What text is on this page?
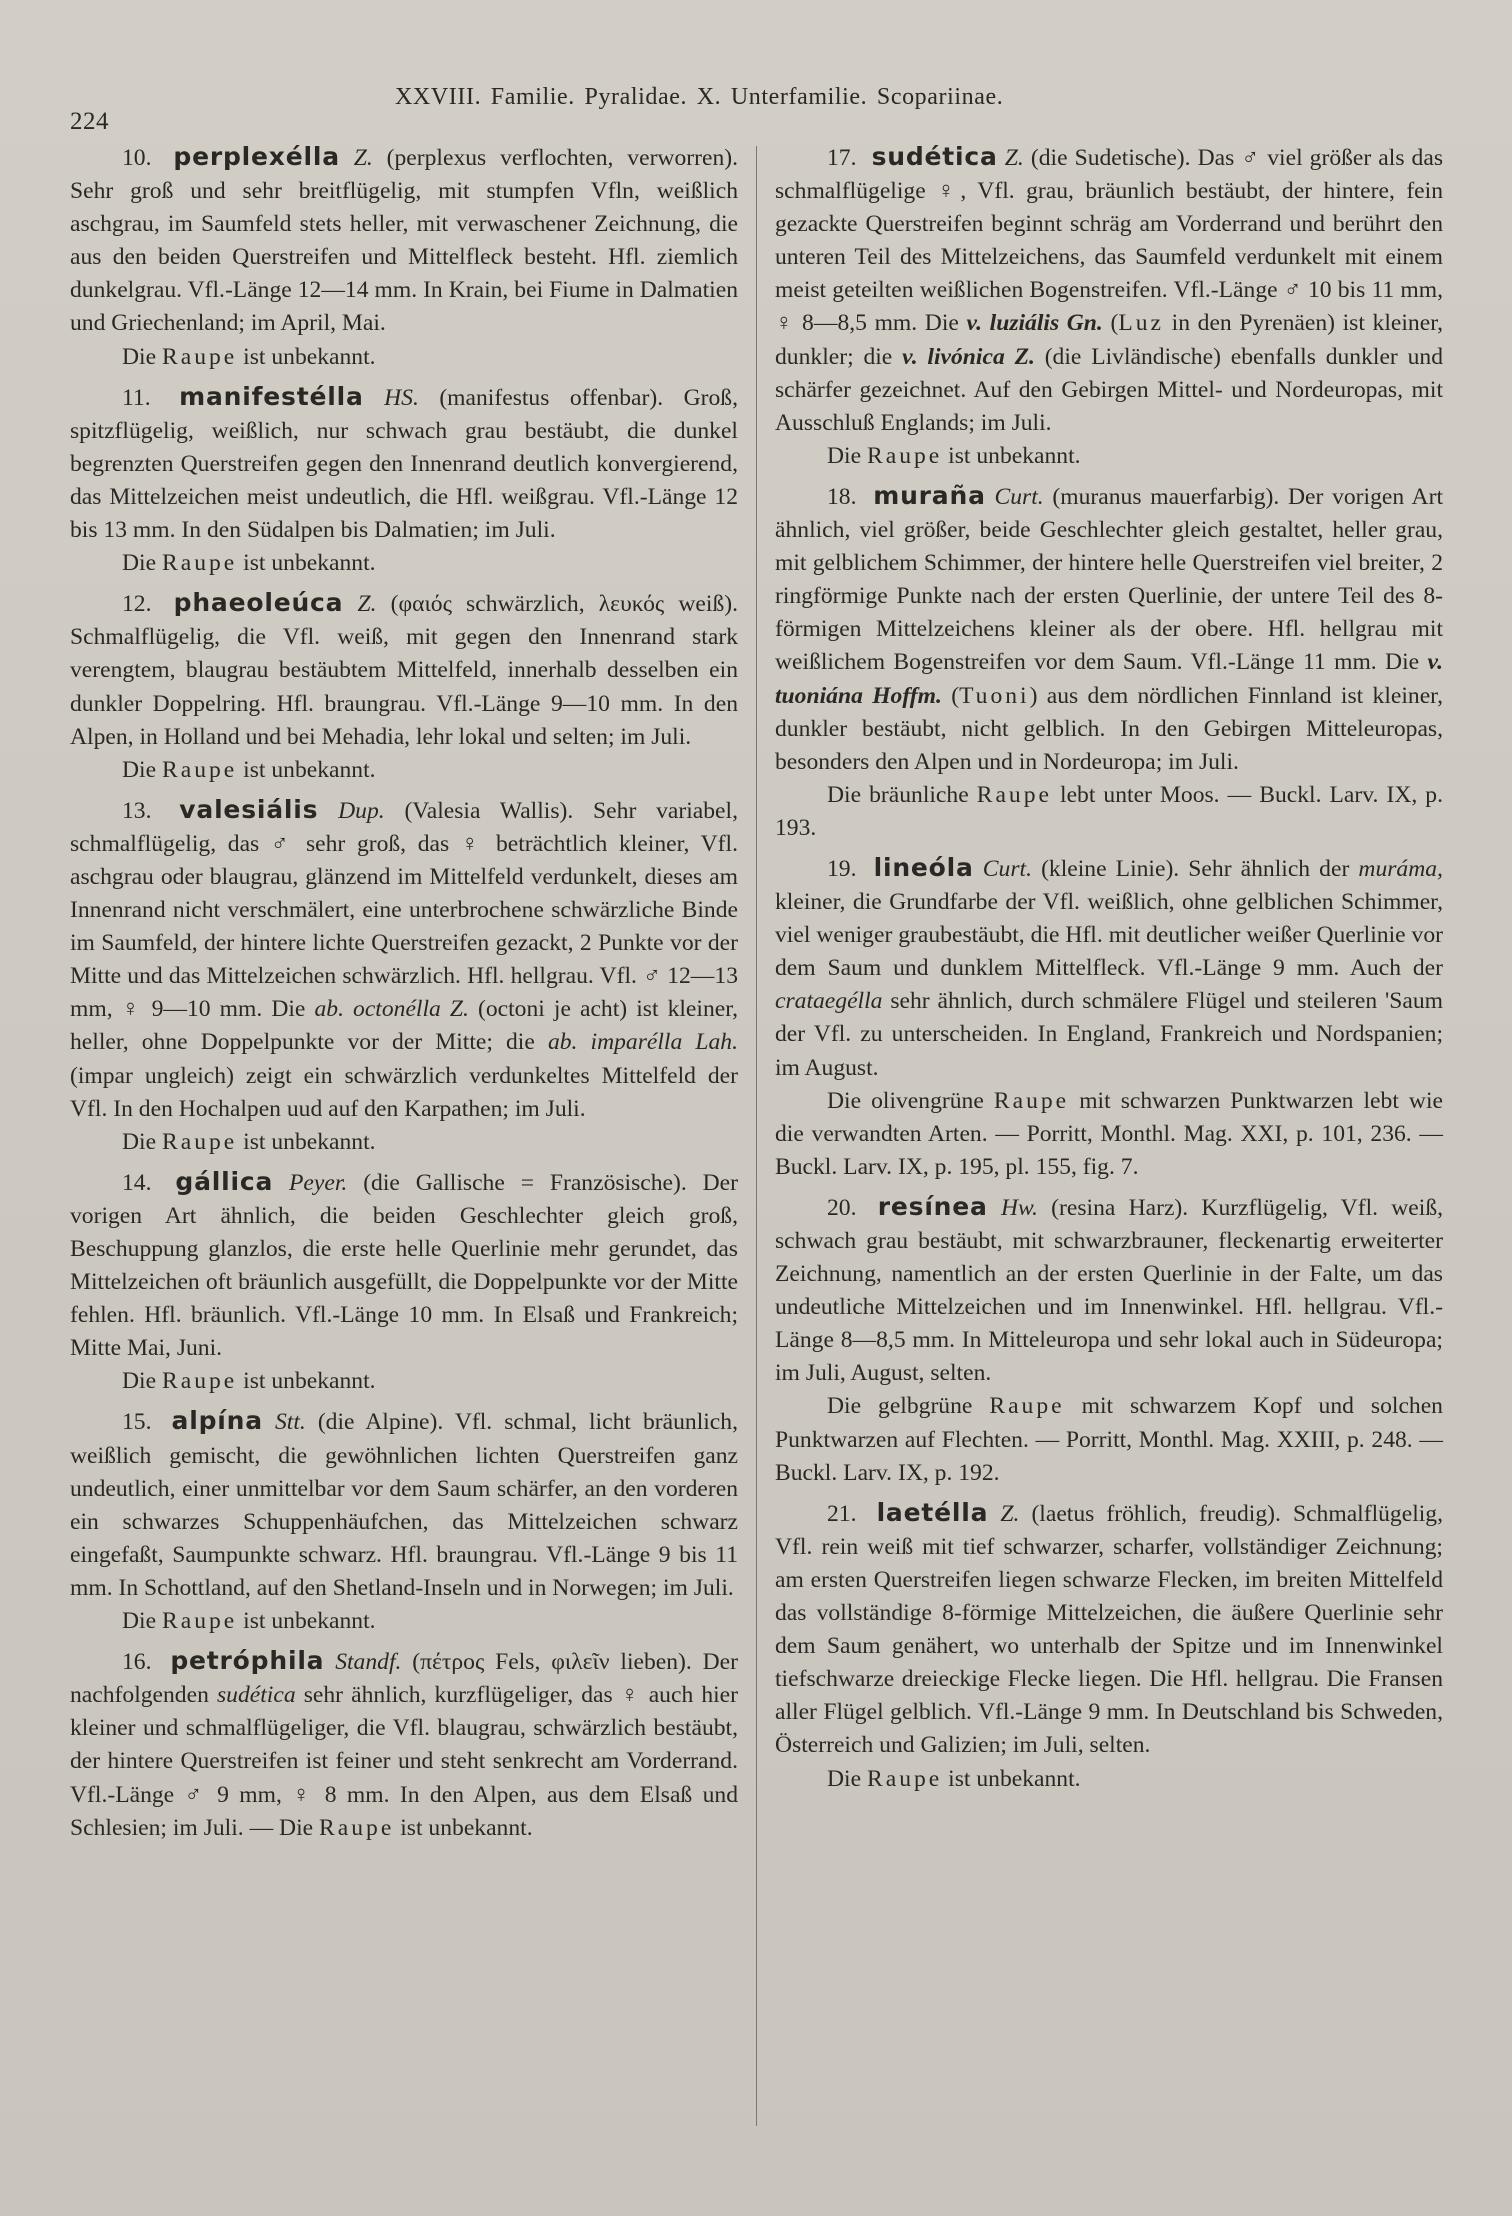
224
XXVIII. Familie. Pyralidae. X. Unterfamilie. Scopariinae.

10. perplexélla Z. (perplexus verflochten, verworren). Sehr groß und sehr breitflügelig, mit stumpfen Vfln, weißlich aschgrau, im Saumfeld stets heller, mit verwaschener Zeichnung, die aus den beiden Querstreifen und Mittelfleck besteht. Hfl. ziemlich dunkelgrau. Vfl.-Länge 12—14 mm. In Krain, bei Fiume in Dalmatien und Griechenland; im April, Mai.

Die Raupe ist unbekannt.

11. manifestélla HS. (manifestus offenbar). Groß, spitzflügelig, weißlich, nur schwach grau bestäubt, die dunkel begrenzten Querstreifen gegen den Innenrand deutlich konvergierend, das Mittelzeichen meist undeutlich, die Hfl. weißgrau. Vfl.-Länge 12 bis 13 mm. In den Südalpen bis Dalmatien; im Juli.

Die Raupe ist unbekannt.

12. phaeoleúca Z. (φαιός schwärzlich, λευκός weiß). Schmalflügelig, die Vfl. weiß, mit gegen den Innenrand stark verengtem, blaugrau bestäubtem Mittelfeld, innerhalb desselben ein dunkler Doppelring. Hfl. braungrau. Vfl.-Länge 9—10 mm. In den Alpen, in Holland und bei Mehadia, lehr lokal und selten; im Juli.

Die Raupe ist unbekannt.

13. valesiális Dup. (Valesia Wallis). Sehr variabel, schmalflügelig, das ♂ sehr groß, das ♀ beträchtlich kleiner, Vfl. aschgrau oder blaugrau, glänzend im Mittelfeld verdunkelt, dieses am Innenrand nicht verschmälert, eine unterbrochene schwärzliche Binde im Saumfeld, der hintere lichte Querstreifen gezackt, 2 Punkte vor der Mitte und das Mittelzeichen schwärzlich. Hfl. hellgrau. Vfl. ♂ 12—13 mm, ♀ 9—10 mm. Die ab. octonélla Z. (octoni je acht) ist kleiner, heller, ohne Doppelpunkte vor der Mitte; die ab. imparélla Lah. (impar ungleich) zeigt ein schwärzlich verdunkeltes Mittelfeld der Vfl. In den Hochalpen uud auf den Karpathen; im Juli.

Die Raupe ist unbekannt.

14. gállica Peyer. (die Gallische = Französische). Der vorigen Art ähnlich, die beiden Geschlechter gleich groß, Beschuppung glanzlos, die erste helle Querlinie mehr gerundet, das Mittelzeichen oft bräunlich ausgefüllt, die Doppelpunkte vor der Mitte fehlen. Hfl. bräunlich. Vfl.-Länge 10 mm. In Elsaß und Frankreich; Mitte Mai, Juni.

Die Raupe ist unbekannt.

15. alpína Stt. (die Alpine). Vfl. schmal, licht bräunlich, weißlich gemischt, die gewöhnlichen lichten Querstreifen ganz undeutlich, einer unmittelbar vor dem Saum schärfer, an den vorderen ein schwarzes Schuppenhäufchen, das Mittelzeichen schwarz eingefaßt, Saumpunkte schwarz. Hfl. braungrau. Vfl.-Länge 9 bis 11 mm. In Schottland, auf den Shetland-Inseln und in Norwegen; im Juli.

Die Raupe ist unbekannt.

16. petróphila Standf. (πέτρος Fels, φιλεῖν lieben). Der nachfolgenden sudética sehr ähnlich, kurzflügeliger, das ♀ auch hier kleiner und schmalflügeliger, die Vfl. blaugrau, schwärzlich bestäubt, der hintere Querstreifen ist feiner und steht senkrecht am Vorderrand. Vfl.-Länge ♂ 9 mm, ♀ 8 mm. In den Alpen, aus dem Elsaß und Schlesien; im Juli. — Die Raupe ist unbekannt.

17. sudética Z. (die Sudetische). Das ♂ viel größer als das schmalflügelige ♀, Vfl. grau, bräunlich bestäubt, der hintere, fein gezackte Querstreifen beginnt schräg am Vorderrand und berührt den unteren Teil des Mittelzeichens, das Saumfeld verdunkelt mit einem meist geteilten weißlichen Bogenstreifen. Vfl.-Länge ♂ 10 bis 11 mm, ♀ 8—8,5 mm. Die v. luziális Gn. (Luz in den Pyrenäen) ist kleiner, dunkler; die v. livónica Z. (die Livländische) ebenfalls dunkler und schärfer gezeichnet. Auf den Gebirgen Mittel- und Nordeuropas, mit Ausschluß Englands; im Juli.

Die Raupe ist unbekannt.

18. muraña Curt. (muranus mauerfarbig). Der vorigen Art ähnlich, viel größer, beide Geschlechter gleich gestaltet, heller grau, mit gelblichem Schimmer, der hintere helle Querstreifen viel breiter, 2 ringförmige Punkte nach der ersten Querlinie, der untere Teil des 8-förmigen Mittelzeichens kleiner als der obere. Hfl. hellgrau mit weißlichem Bogenstreifen vor dem Saum. Vfl.-Länge 11 mm. Die v. tuoniána Hoffm. (Tuoni) aus dem nördlichen Finnland ist kleiner, dunkler bestäubt, nicht gelblich. In den Gebirgen Mitteleuropas, besonders den Alpen und in Nordeuropa; im Juli.

Die bräunliche Raupe lebt unter Moos. — Buckl. Larv. IX, p. 193.

19. lineóla Curt. (kleine Linie). Sehr ähnlich der muráma, kleiner, die Grundfarbe der Vfl. weißlich, ohne gelblichen Schimmer, viel weniger graubestäubt, die Hfl. mit deutlicher weißer Querlinie vor dem Saum und dunklem Mittelfleck. Vfl.-Länge 9 mm. Auch der crataegélla sehr ähnlich, durch schmälere Flügel und steileren 'Saum der Vfl. zu unterscheiden. In England, Frankreich und Nordspanien; im August.

Die olivengrüne Raupe mit schwarzen Punktwarzen lebt wie die verwandten Arten. — Porritt, Monthl. Mag. XXI, p. 101, 236. — Buckl. Larv. IX, p. 195, pl. 155, fig. 7.

20. resínea Hw. (resina Harz). Kurzflügelig, Vfl. weiß, schwach grau bestäubt, mit schwarzbrauner, fleckenartig erweiterter Zeichnung, namentlich an der ersten Querlinie in der Falte, um das undeutliche Mittelzeichen und im Innenwinkel. Hfl. hellgrau. Vfl.-Länge 8—8,5 mm. In Mitteleuropa und sehr lokal auch in Südeuropa; im Juli, August, selten.

Die gelbgrüne Raupe mit schwarzem Kopf und solchen Punktwarzen auf Flechten. — Porritt, Monthl. Mag. XXIII, p. 248. — Buckl. Larv. IX, p. 192.

21. laetélla Z. (laetus fröhlich, freudig). Schmalflügelig, Vfl. rein weiß mit tief schwarzer, scharfer, vollständiger Zeichnung; am ersten Querstreifen liegen schwarze Flecken, im breiten Mittelfeld das vollständige 8-förmige Mittelzeichen, die äußere Querlinie sehr dem Saum genähert, wo unterhalb der Spitze und im Innenwinkel tiefschwarze dreieckige Flecke liegen. Die Hfl. hellgrau. Die Fransen aller Flügel gelblich. Vfl.-Länge 9 mm. In Deutschland bis Schweden, Österreich und Galizien; im Juli, selten.

Die Raupe ist unbekannt.
